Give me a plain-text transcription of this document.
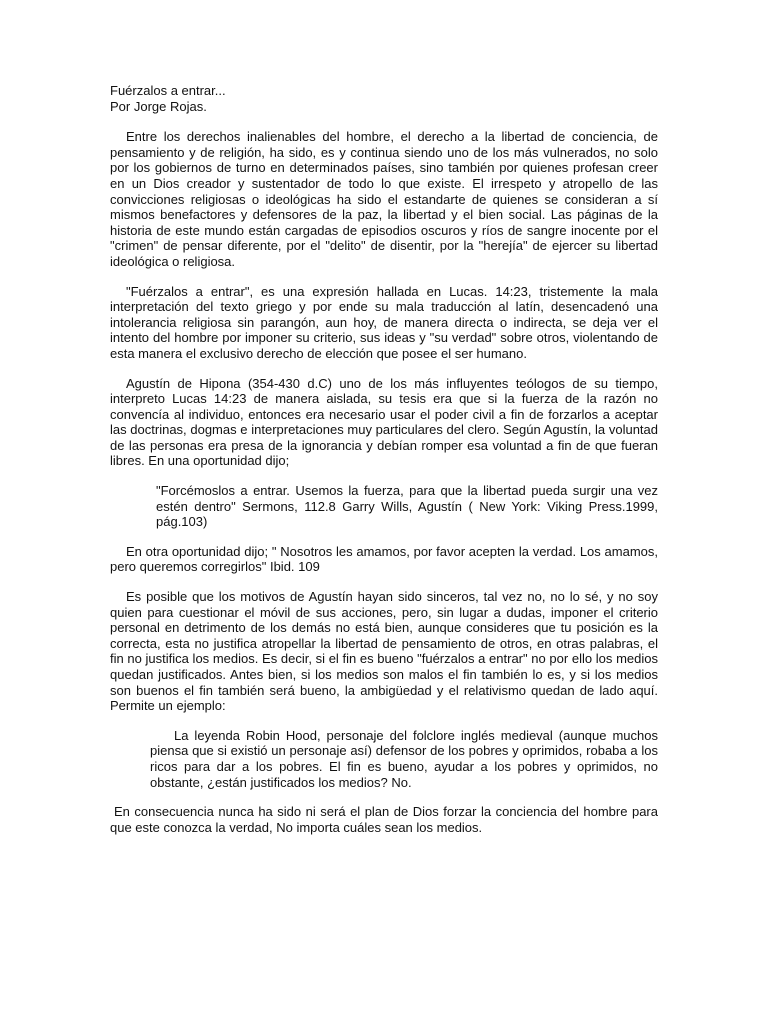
Fuérzalos a entrar...

Por Jorge Rojas.

Entre los derechos inalienables del hombre, el derecho a la libertad de conciencia, de pensamiento y de religión, ha sido, es y continua siendo uno de los más vulnerados, no solo por los gobiernos de turno en determinados países, sino también por quienes profesan creer en un Dios creador y sustentador de todo lo que existe. El irrespeto y atropello de las convicciones religiosas o ideológicas ha sido el estandarte de quienes se consideran a sí mismos benefactores y defensores de la paz, la libertad y el bien social. Las páginas de la historia de este mundo están cargadas de episodios oscuros y ríos de sangre inocente por el "crimen" de pensar diferente, por el "delito" de disentir, por la "herejía" de ejercer su libertad ideológica o religiosa.

"Fuérzalos a entrar", es una expresión hallada en Lucas. 14:23, tristemente la mala interpretación del texto griego y por ende su mala traducción al latín, desencadenó una intolerancia religiosa sin parangón, aun hoy, de manera directa o indirecta, se deja ver el intento del hombre por imponer su criterio, sus ideas y "su verdad" sobre otros, violentando de esta manera el exclusivo derecho de elección que posee el ser humano.

Agustín de Hipona (354-430 d.C) uno de los más influyentes teólogos de su tiempo, interpreto Lucas 14:23 de manera aislada, su tesis era que si la fuerza de la razón no convencía al individuo, entonces era necesario usar el poder civil a fin de forzarlos a aceptar las doctrinas, dogmas e interpretaciones muy particulares del clero. Según Agustín, la voluntad de las personas era presa de la ignorancia y debían romper esa voluntad a fin de que fueran libres. En una oportunidad dijo;

"Forcémoslos a entrar. Usemos la fuerza, para que la libertad pueda surgir una vez estén dentro" Sermons, 112.8 Garry Wills, Agustín ( New York: Viking Press.1999, pág.103)

En otra oportunidad dijo; " Nosotros les amamos, por favor acepten la verdad. Los amamos, pero queremos corregirlos" Ibid. 109

Es posible que los motivos de Agustín hayan sido sinceros, tal vez no, no lo sé, y no soy quien para cuestionar el móvil de sus acciones, pero, sin lugar a dudas, imponer el criterio personal en detrimento de los demás no está bien, aunque consideres que tu posición es la correcta, esta no justifica atropellar la libertad de pensamiento de otros, en otras palabras, el fin no justifica los medios. Es decir, si el fin es bueno "fuérzalos a entrar" no por ello los medios quedan justificados. Antes bien, si los medios son malos el fin también lo es, y si los medios son buenos el fin también será bueno, la ambigüedad y el relativismo quedan de lado aquí. Permite un ejemplo:

La leyenda Robin Hood, personaje del folclore inglés medieval (aunque muchos piensa que si existió un personaje así) defensor de los pobres y oprimidos, robaba a los ricos para dar a los pobres. El fin es bueno, ayudar a los pobres y oprimidos, no obstante, ¿están justificados los medios? No.

En consecuencia nunca ha sido ni será el plan de Dios forzar la conciencia del hombre para que este conozca la verdad, No importa cuáles sean los medios.
